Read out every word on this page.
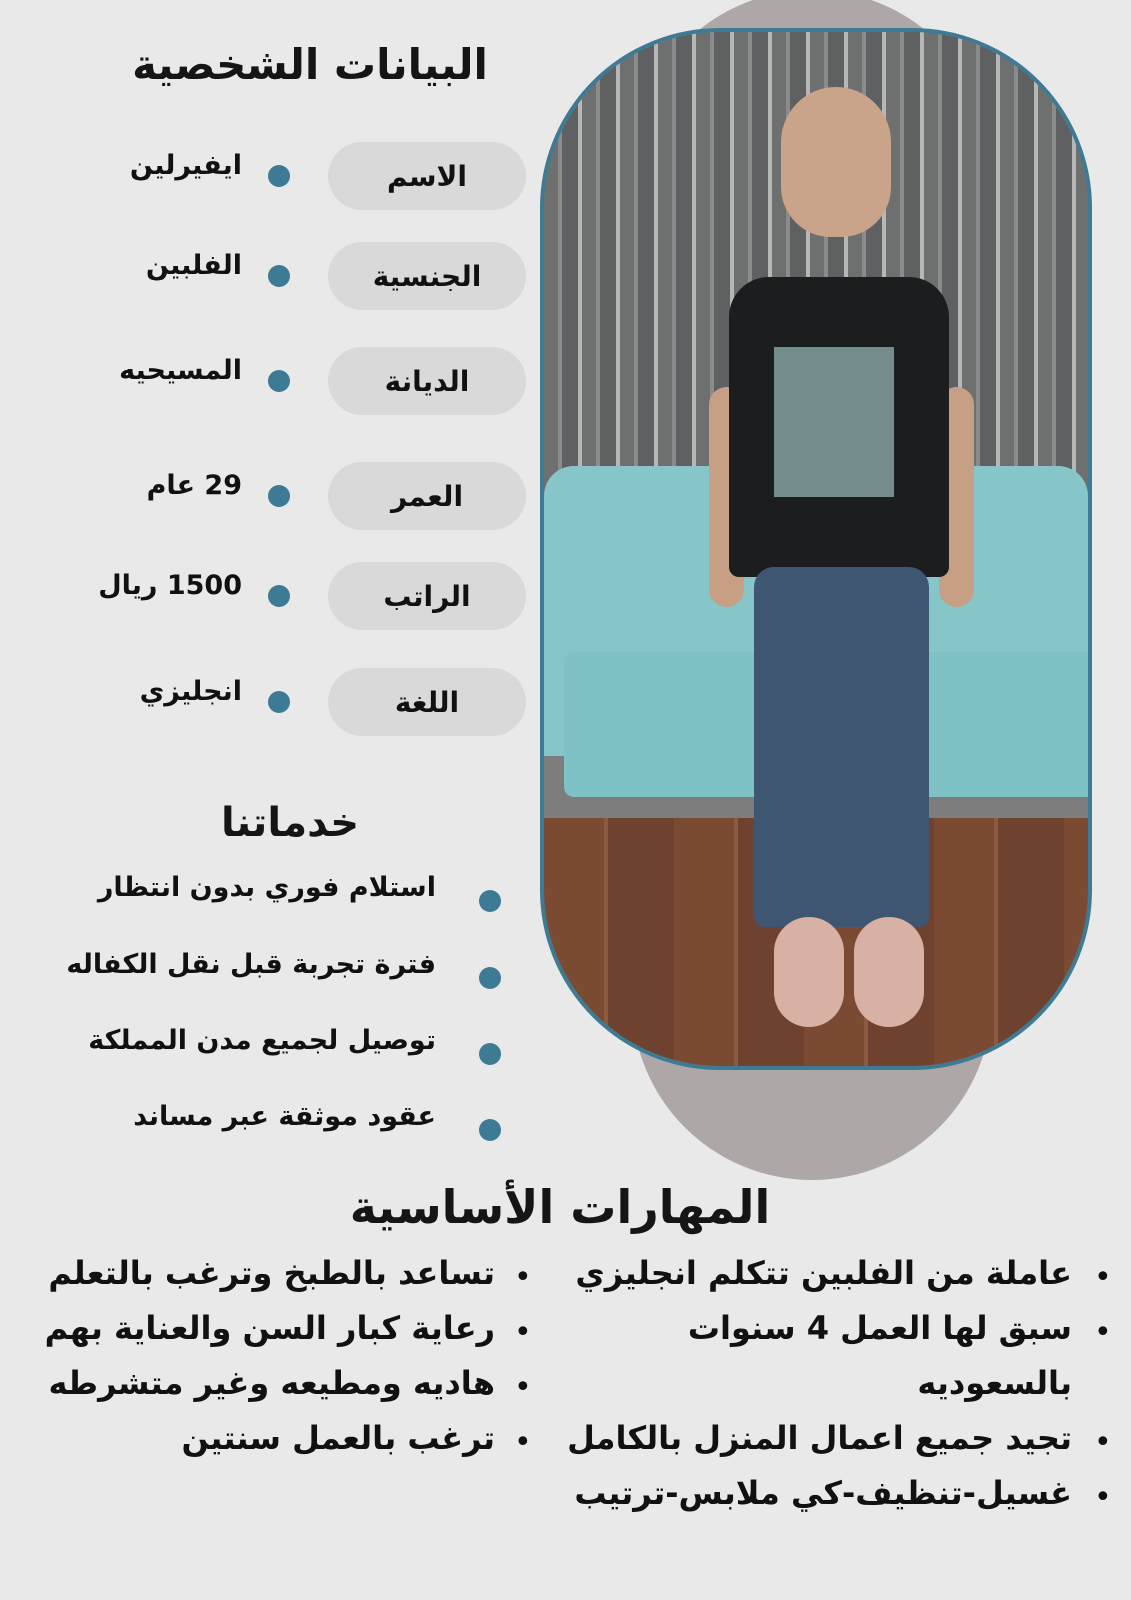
البيانات الشخصية
الاسم
ايفيرلين
الجنسية
الفلبين
الديانة
المسيحيه
العمر
29 عام
الراتب
1500 ريال
اللغة
انجليزي
خدماتنا
استلام فوري بدون انتظار
فترة تجربة قبل نقل الكفاله
توصيل لجميع مدن المملكة
عقود موثقة عبر مساند
المهارات الأساسية
•
عاملة من الفلبين تتكلم انجليزي
•
سبق لها العمل 4 سنوات
بالسعوديه
•
تجيد جميع اعمال المنزل بالكامل
•
غسيل-تنظيف-كي ملابس-ترتيب
•
تساعد بالطبخ وترغب بالتعلم
•
رعاية كبار السن والعناية بهم
•
هاديه ومطيعه وغير متشرطه
•
ترغب بالعمل سنتين
